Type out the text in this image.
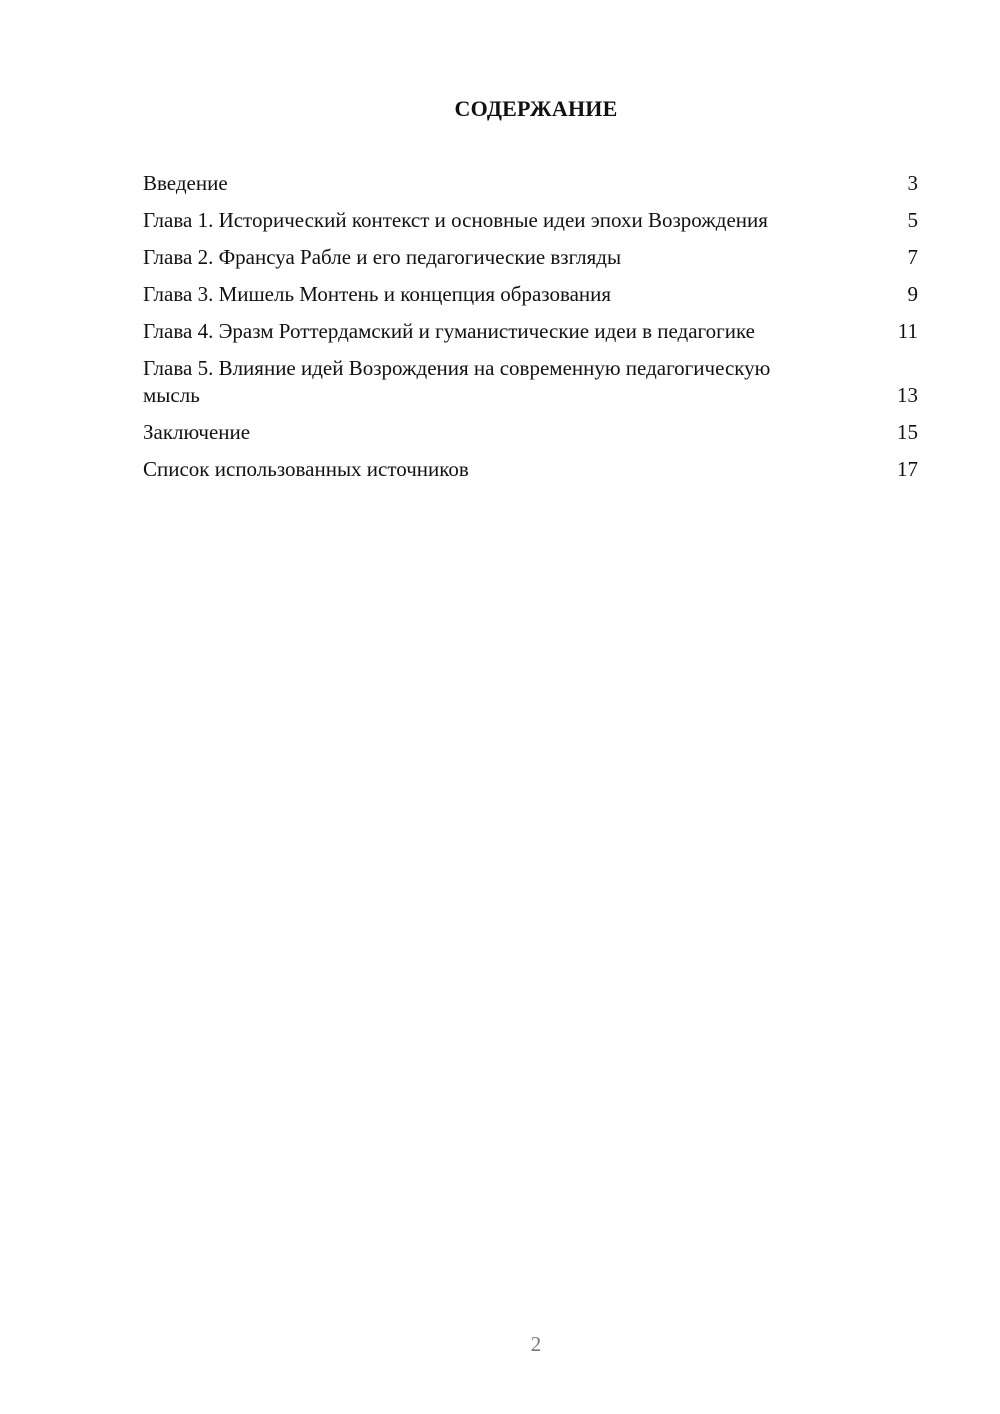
СОДЕРЖАНИЕ
Введение	3
Глава 1. Исторический контекст и основные идеи эпохи Возрождения	5
Глава 2. Франсуа Рабле и его педагогические взгляды	7
Глава 3. Мишель Монтень и концепция образования	9
Глава 4. Эразм Роттердамский и гуманистические идеи в педагогике	11
Глава 5. Влияние идей Возрождения на современную педагогическую мысль	13
Заключение	15
Список использованных источников	17
2
